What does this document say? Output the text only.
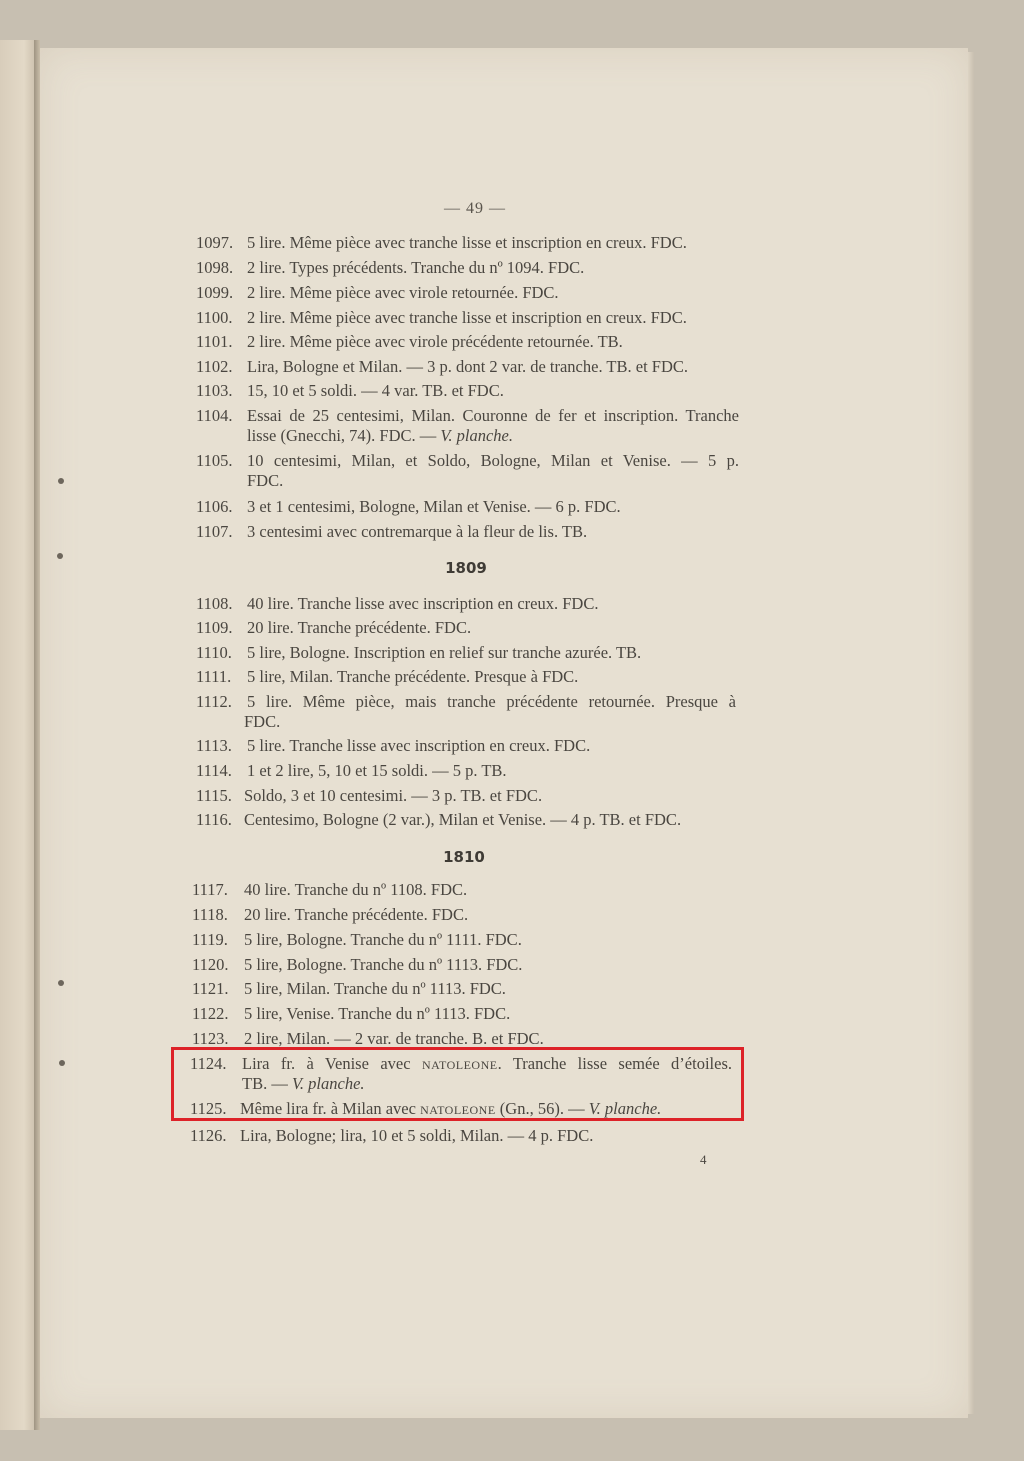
— 49 —
1097. 5 lire. Même pièce avec tranche lisse et inscription en creux. FDC.
1098. 2 lire. Types précédents. Tranche du nº 1094. FDC.
1099. 2 lire. Même pièce avec virole retournée. FDC.
1100. 2 lire. Même pièce avec tranche lisse et inscription en creux. FDC.
1101. 2 lire. Même pièce avec virole précédente retournée. TB.
1102. Lira, Bologne et Milan. — 3 p. dont 2 var. de tranche. TB. et FDC.
1103. 15, 10 et 5 soldi. — 4 var. TB. et FDC.
1104. Essai de 25 centesimi, Milan. Couronne de fer et inscription. Tranche
lisse (Gnecchi, 74). FDC. — V. planche.
1105. 10 centesimi, Milan, et Soldo, Bologne, Milan et Venise. — 5 p.
FDC.
1106. 3 et 1 centesimi, Bologne, Milan et Venise. — 6 p. FDC.
1107. 3 centesimi avec contremarque à la fleur de lis. TB.
1809
1108. 40 lire. Tranche lisse avec inscription en creux. FDC.
1109. 20 lire. Tranche précédente. FDC.
1110. 5 lire, Bologne. Inscription en relief sur tranche azurée. TB.
1111. 5 lire, Milan. Tranche précédente. Presque à FDC.
1112. 5 lire. Même pièce, mais tranche précédente retournée. Presque à
FDC.
1113. 5 lire. Tranche lisse avec inscription en creux. FDC.
1114. 1 et 2 lire, 5, 10 et 15 soldi. — 5 p. TB.
1115. Soldo, 3 et 10 centesimi. — 3 p. TB. et FDC.
1116. Centesimo, Bologne (2 var.), Milan et Venise. — 4 p. TB. et FDC.
1810
1117. 40 lire. Tranche du nº 1108. FDC.
1118. 20 lire. Tranche précédente. FDC.
1119. 5 lire, Bologne. Tranche du nº 1111. FDC.
1120. 5 lire, Bologne. Tranche du nº 1113. FDC.
1121. 5 lire, Milan. Tranche du nº 1113. FDC.
1122. 5 lire, Venise. Tranche du nº 1113. FDC.
1123. 2 lire, Milan. — 2 var. de tranche. B. et FDC.
1124. Lira fr. à Venise avec NATOLEONE. Tranche lisse semée d’étoiles.
TB. — V. planche.
1125. Même lira fr. à Milan avec NATOLEONE (Gn., 56). — V. planche.
1126. Lira, Bologne; lira, 10 et 5 soldi, Milan. — 4 p. FDC.
4
